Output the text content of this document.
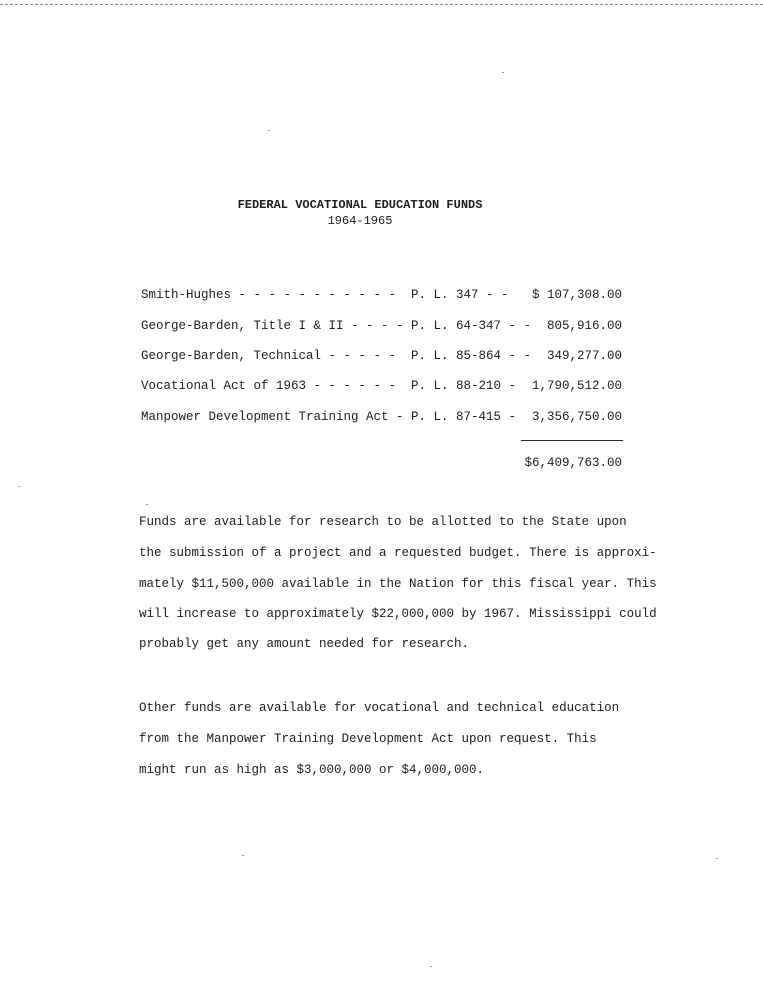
FEDERAL VOCATIONAL EDUCATION FUNDS
1964-1965
Smith-Hughes - - - - - - - - - - - P. L. 347 - - $ 107,308.00
George-Barden, Title I & II - - - - P. L. 64-347 - - 805,916.00
George-Barden, Technical - - - - - P. L. 85-864 - - 349,277.00
Vocational Act of 1963 - - - - - - P. L. 88-210 - 1,790,512.00
Manpower Development Training Act - P. L. 87-415 - 3,356,750.00
$6,409,763.00
Funds are available for research to be allotted to the State upon
the submission of a project and a requested budget. There is approxi-
mately $11,500,000 available in the Nation for this fiscal year. This
will increase to approximately $22,000,000 by 1967. Mississippi could
probably get any amount needed for research.
Other funds are available for vocational and technical education
from the Manpower Training Development Act upon request. This
might run as high as $3,000,000 or $4,000,000.
